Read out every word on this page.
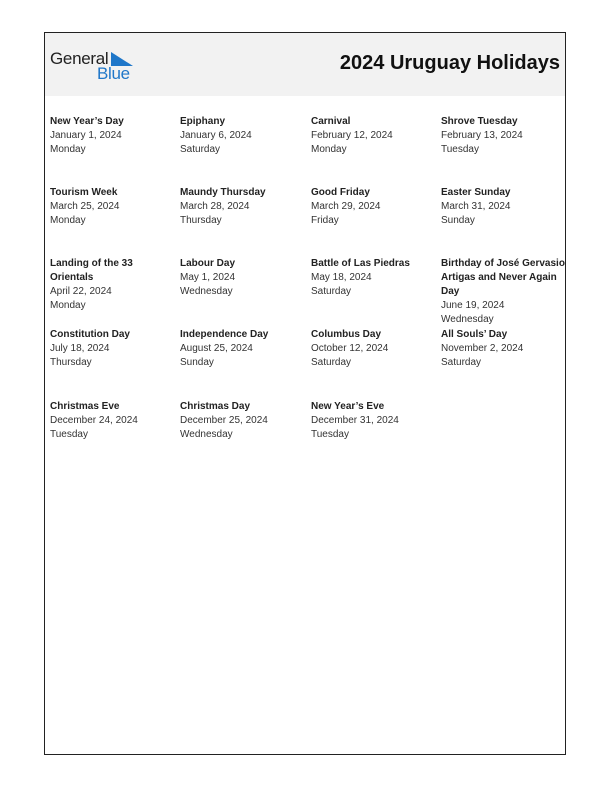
General
Blue	2024 Uruguay Holidays
New Year’s Day
January 1, 2024
Monday
Epiphany
January 6, 2024
Saturday
Carnival
February 12, 2024
Monday
Shrove Tuesday
February 13, 2024
Tuesday
Tourism Week
March 25, 2024
Monday
Maundy Thursday
March 28, 2024
Thursday
Good Friday
March 29, 2024
Friday
Easter Sunday
March 31, 2024
Sunday
Landing of the 33 Orientals
April 22, 2024
Monday
Labour Day
May 1, 2024
Wednesday
Battle of Las Piedras
May 18, 2024
Saturday
Birthday of José Gervasio Artigas and Never Again Day
June 19, 2024
Wednesday
Constitution Day
July 18, 2024
Thursday
Independence Day
August 25, 2024
Sunday
Columbus Day
October 12, 2024
Saturday
All Souls’ Day
November 2, 2024
Saturday
Christmas Eve
December 24, 2024
Tuesday
Christmas Day
December 25, 2024
Wednesday
New Year’s Eve
December 31, 2024
Tuesday
